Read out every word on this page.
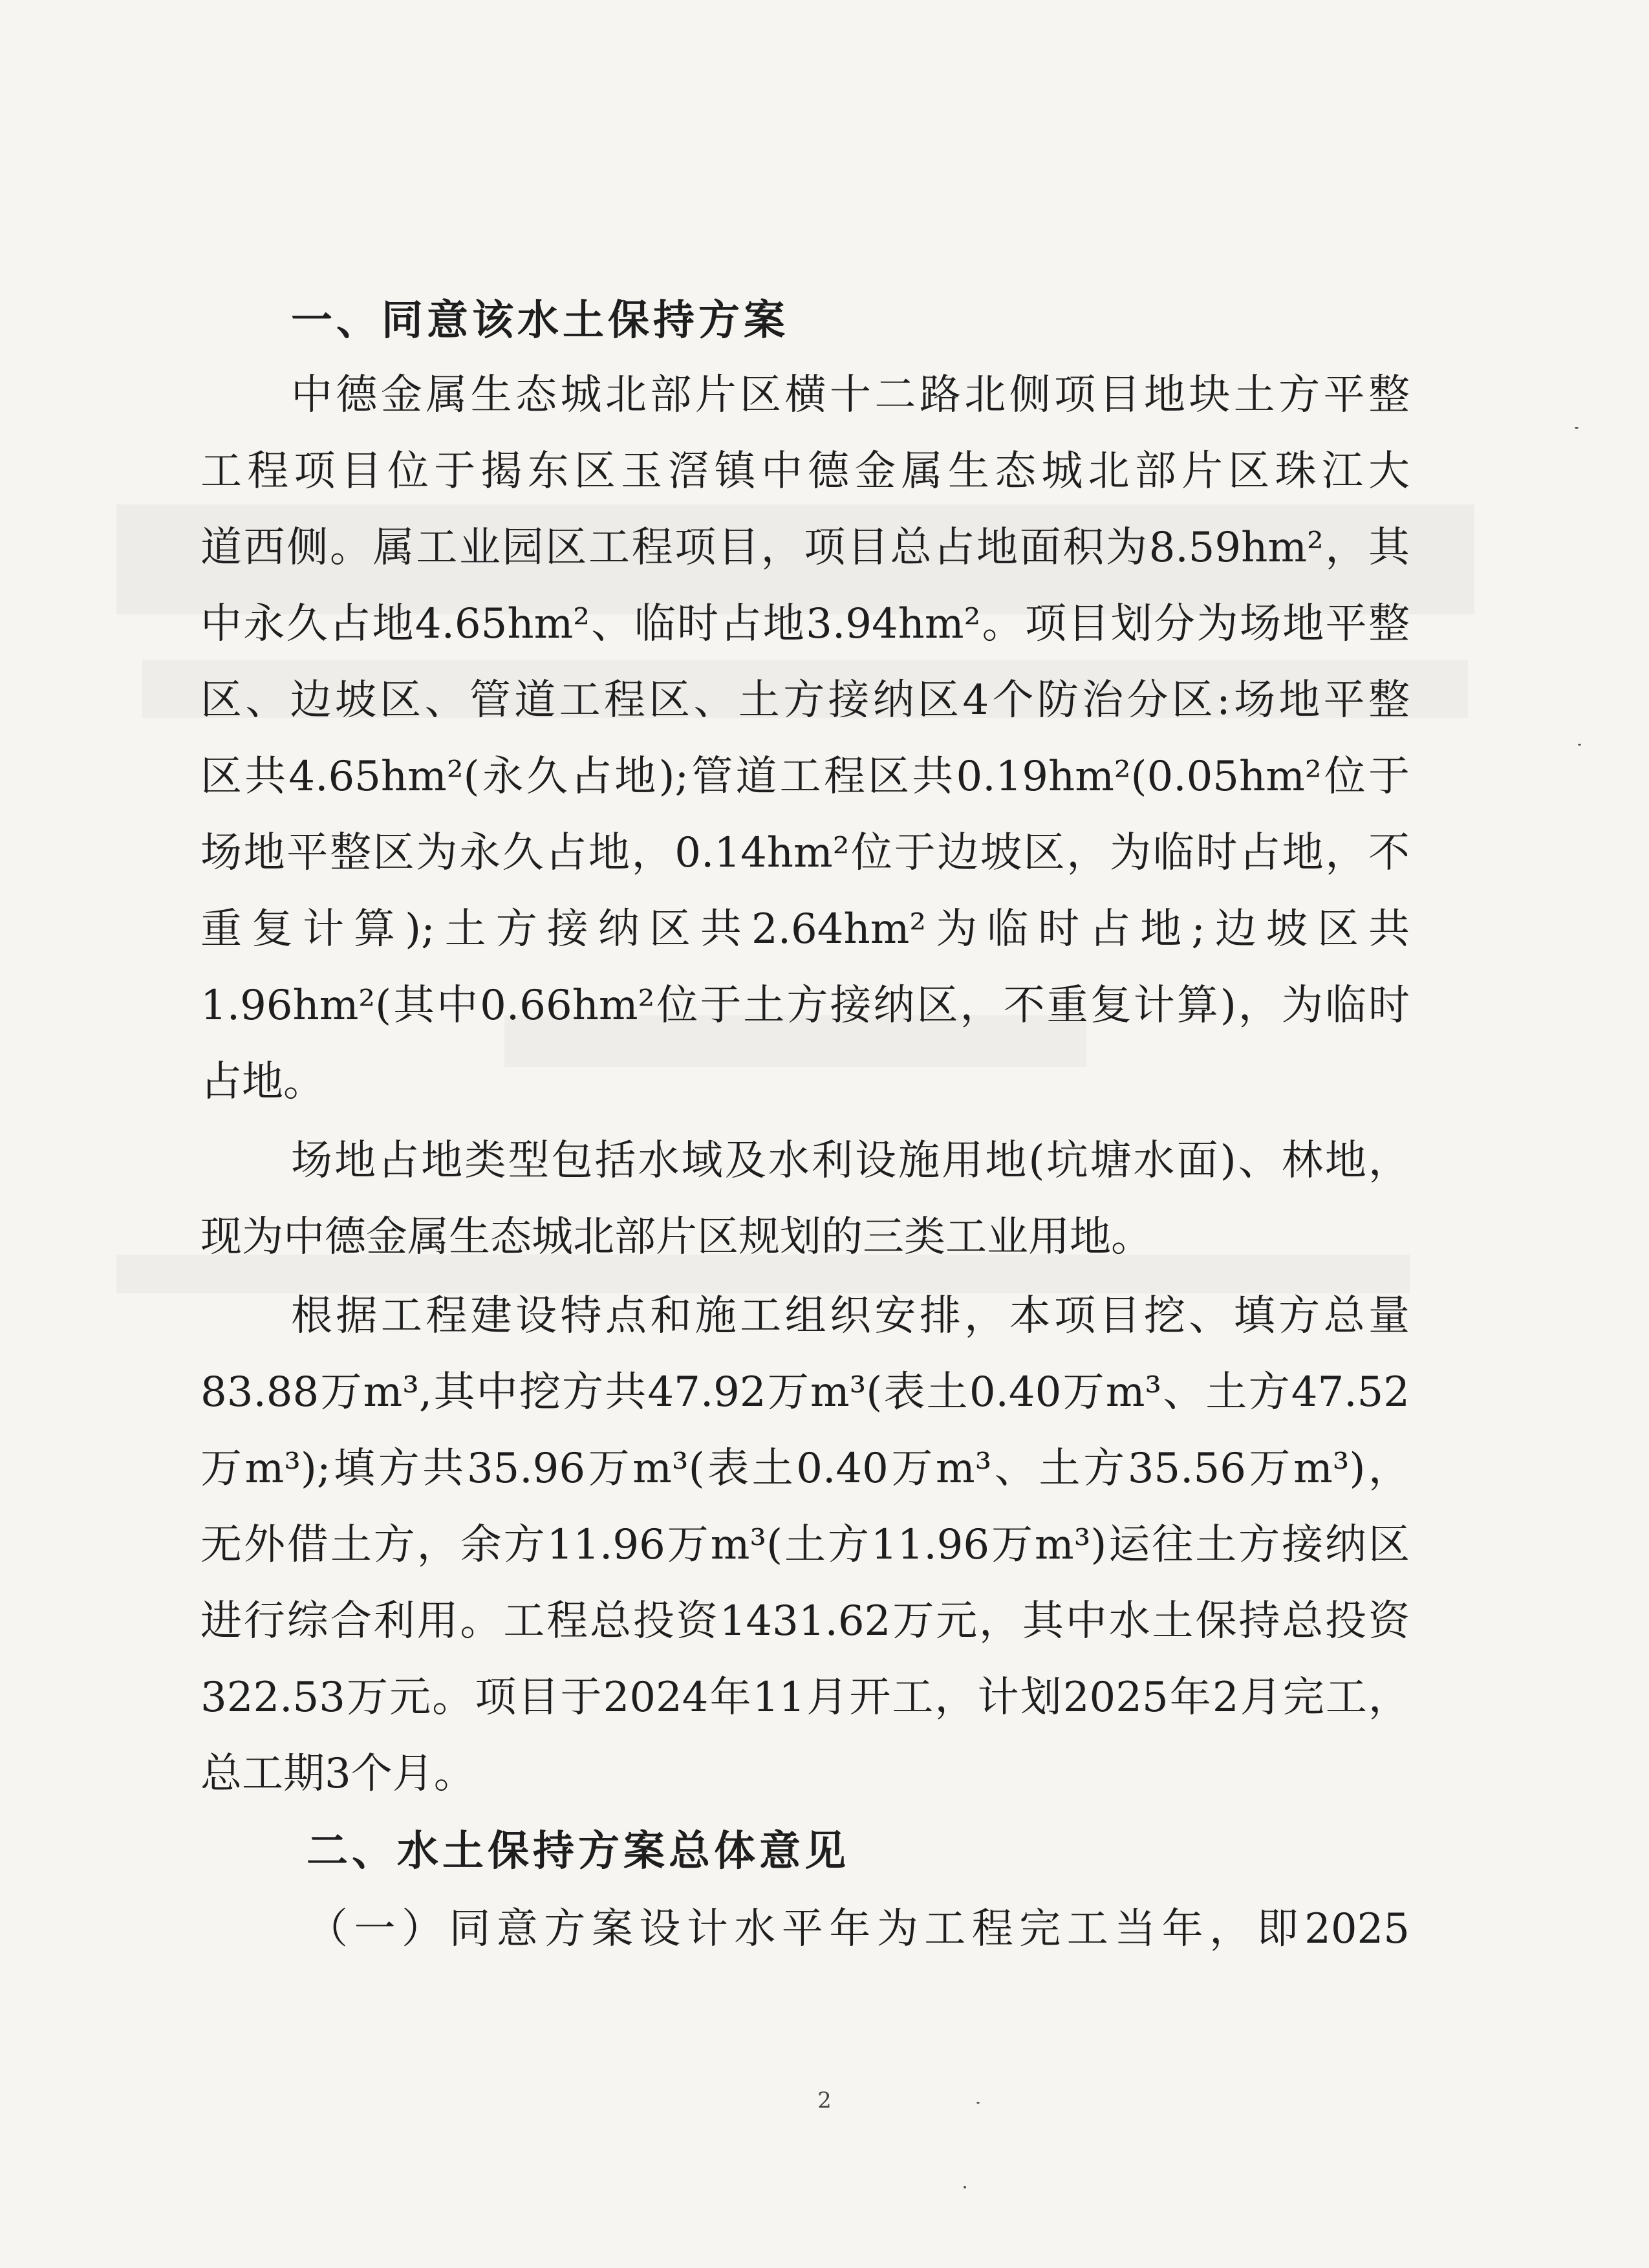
一、同意该水土保持方案

中德金属生态城北部片区横十二路北侧项目地块土方平整

工程项目位于揭东区玉滘镇中德金属生态城北部片区珠江大

道西侧。属工业园区工程项目，项目总占地面积为8.59hm²，其

中永久占地4.65hm²、临时占地3.94hm²。项目划分为场地平整

区、边坡区、管道工程区、土方接纳区4个防治分区:场地平整

区共4.65hm²(永久占地);管道工程区共0.19hm²(0.05hm²位于

场地平整区为永久占地，0.14hm²位于边坡区，为临时占地，不

重复计算);土方接纳区共2.64hm²为临时占地;边坡区共

1.96hm²(其中0.66hm²位于土方接纳区，不重复计算)，为临时

占地。

场地占地类型包括水域及水利设施用地(坑塘水面)、林地，

现为中德金属生态城北部片区规划的三类工业用地。

根据工程建设特点和施工组织安排，本项目挖、填方总量

83.88万m³,其中挖方共47.92万m³(表土0.40万m³、土方47.52

万m³);填方共35.96万m³(表土0.40万m³、土方35.56万m³)，

无外借土方，余方11.96万m³(土方11.96万m³)运往土方接纳区

进行综合利用。工程总投资1431.62万元，其中水土保持总投资

322.53万元。项目于2024年11月开工，计划2025年2月完工，

总工期3个月。

二、水土保持方案总体意见

（一）同意方案设计水平年为工程完工当年，即2025

2
